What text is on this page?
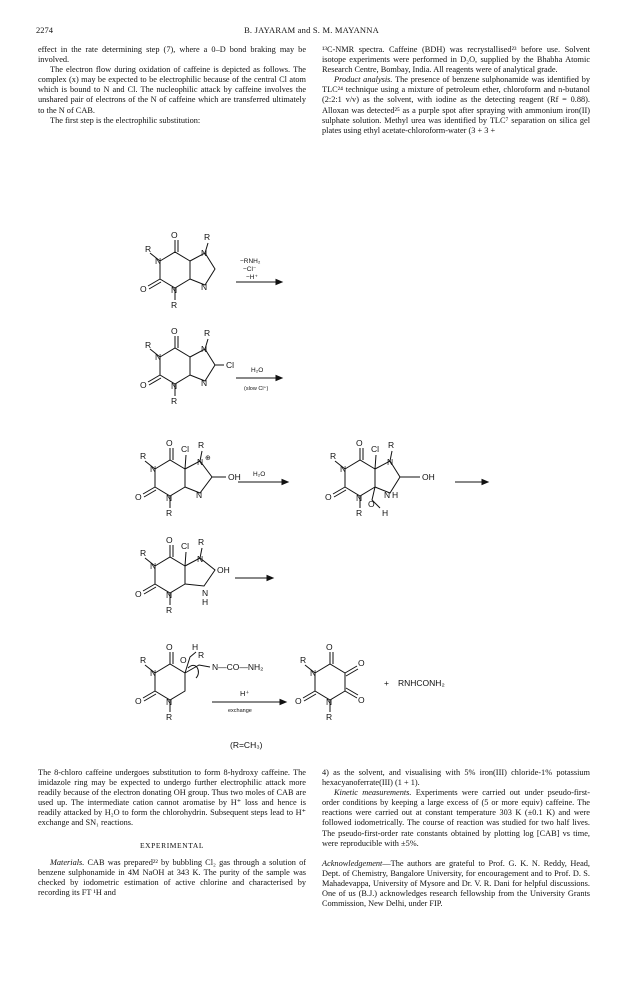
2274	B. JAYARAM and S. M. MAYANNA

effect in the rate determining step (7), where a 0–D bond braking may be involved.

The electron flow during oxidation of caffeine is depicted as follows. The complex (x) may be expected to be electrophilic because of the central Cl atom which is bound to N and Cl. The nucleophilic attack by caffeine involves the unshared pair of electrons of the N of caffeine which are transferred ultimately to the N of CAB.

The first step is the electrophilic substitution:

¹³C-NMR spectra. Caffeine (BDH) was recrystallised²³ before use. Solvent isotope experiments were performed in D₂O, supplied by the Bhabha Atomic Research Centre, Bombay, India. All reagents were of analytical grade.

Product analysis. The presence of benzene sulphonamide was identified by TLC²⁴ technique using a mixture of petroleum ether, chloroform and n-butanol (2:2:1 v/v) as the solvent, with iodine as the detecting reagent (Rf = 0.88). Alloxan was detected²⁵ as a purple spot after spraying with ammonium iron(II) sulphate solution. Methyl urea was identified by TLC⁷ separation on silica gel plates using ethyl acetate-chloroform-water (3 + 3 +

−RNH₂
−Cl⁻
−H⁺
H₂O
(slow Cl⁺)
H₂O
H⁺
exchange
O	R
N
R
N
O	N
R
N
O	R
N
Cl
R
N
O	N
R
N
O
Cl R
N ⊕
OH
R
N
O	N
R
N
O
Cl R
N
OH
R
N
O	N
R
N H
O
H
O
Cl R
N
OH
R
N
O	N
R
N
H
O H
R
N—CO—NH₂
O
R
N
O	N
R
O
O
O
R
N
O	N
R
+ RNHCONH₂
(R=CH₃)

The 8-chloro caffeine undergoes substitution to form 8-hydroxy caffeine. The imidazole ring may be expected to undergo further electrophilic attack more readily because of the electron donating OH group. Thus two moles of CAB are used up. The intermediate cation cannot aromatise by H⁺ loss and hence is readily attacked by H₂O to form the chlorohydrin. Subsequent steps lead to H⁺ exchange and SN₁ reactions.

EXPERIMENTAL

Materials. CAB was prepared²² by bubbling Cl₂ gas through a solution of benzene sulphonamide in 4M NaOH at 343 K. The purity of the sample was checked by iodometric estimation of active chlorine and characterised by recording its FT ¹H and

4) as the solvent, and visualising with 5% iron(III) chloride-1% potassium hexacyanoferrate(III) (1 + 1).

Kinetic measurements. Experiments were carried out under pseudo-first-order conditions by keeping a large excess of (5 or more equiv) caffeine. The reactions were carried out at constant temperature 303 K (±0.1 K) and were followed iodometrically. The course of reaction was studied for two half lives. The pseudo-first-order rate constants obtained by plotting log [CAB] vs time, were reproducible with ±5%.

Acknowledgement—The authors are grateful to Prof. G. K. N. Reddy, Head, Dept. of Chemistry, Bangalore University, for encouragement and to Prof. D. S. Mahadevappa, University of Mysore and Dr. V. R. Dani for helpful discussions. One of us (B.J.) acknowledges research fellowship from the University Grants Commission, New Delhi, under FIP.
